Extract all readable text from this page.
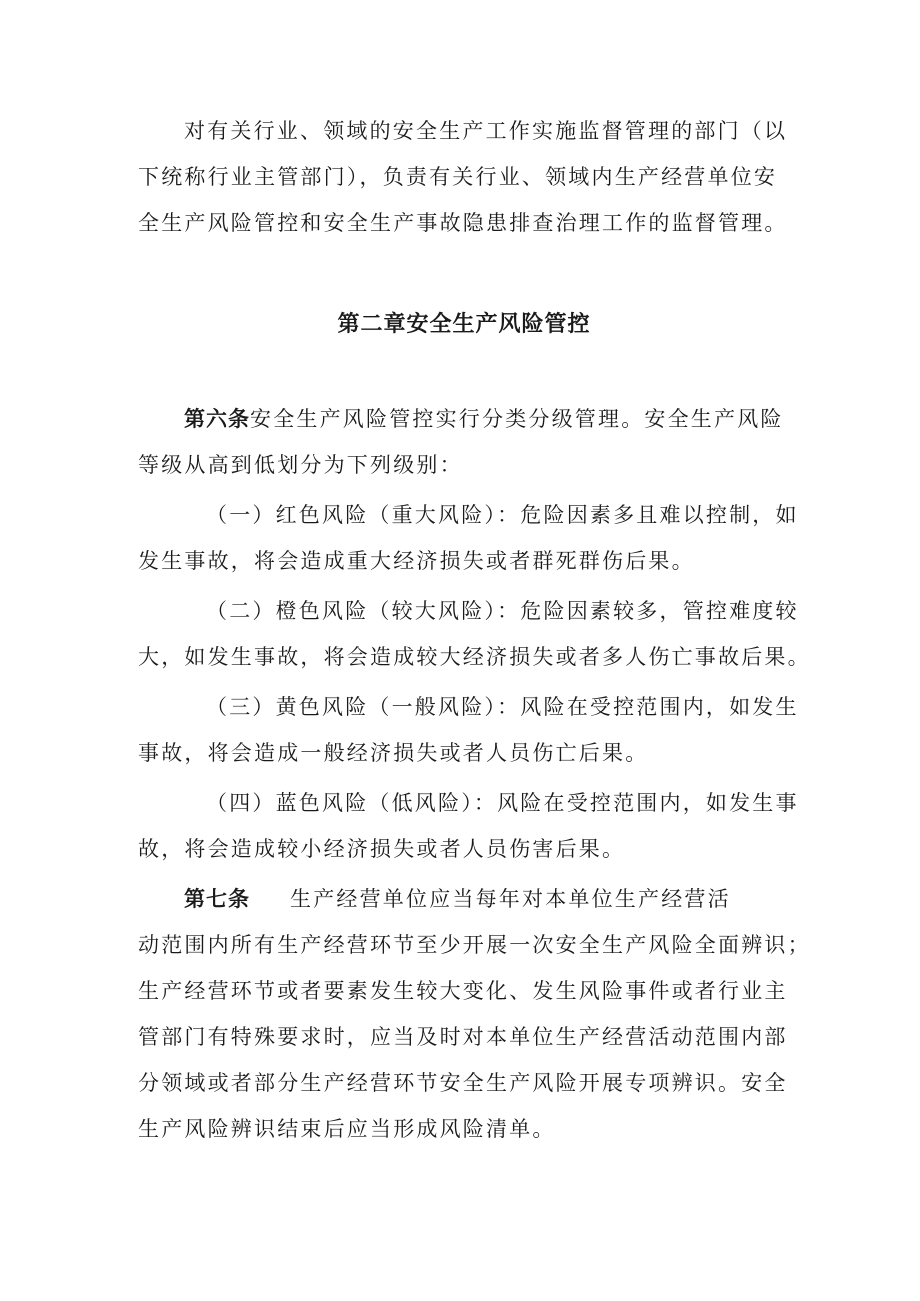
对有关行业、领域的安全生产工作实施监督管理的部门（以
下统称行业主管部门），负责有关行业、领域内生产经营单位安
全生产风险管控和安全生产事故隐患排查治理工作的监督管理。
第二章安全生产风险管控
第六条安全生产风险管控实行分类分级管理。安全生产风险
等级从高到低划分为下列级别：
（一）红色风险（重大风险）：危险因素多且难以控制，如
发生事故，将会造成重大经济损失或者群死群伤后果。
（二）橙色风险（较大风险）：危险因素较多，管控难度较
大，如发生事故，将会造成较大经济损失或者多人伤亡事故后果。
（三）黄色风险（一般风险）：风险在受控范围内，如发生
事故，将会造成一般经济损失或者人员伤亡后果。
（四）蓝色风险（低风险）：风险在受控范围内，如发生事
故，将会造成较小经济损失或者人员伤害后果。
第七条 生产经营单位应当每年对本单位生产经营活
动范围内所有生产经营环节至少开展一次安全生产风险全面辨识；
生产经营环节或者要素发生较大变化、发生风险事件或者行业主
管部门有特殊要求时，应当及时对本单位生产经营活动范围内部
分领域或者部分生产经营环节安全生产风险开展专项辨识。安全
生产风险辨识结束后应当形成风险清单。
